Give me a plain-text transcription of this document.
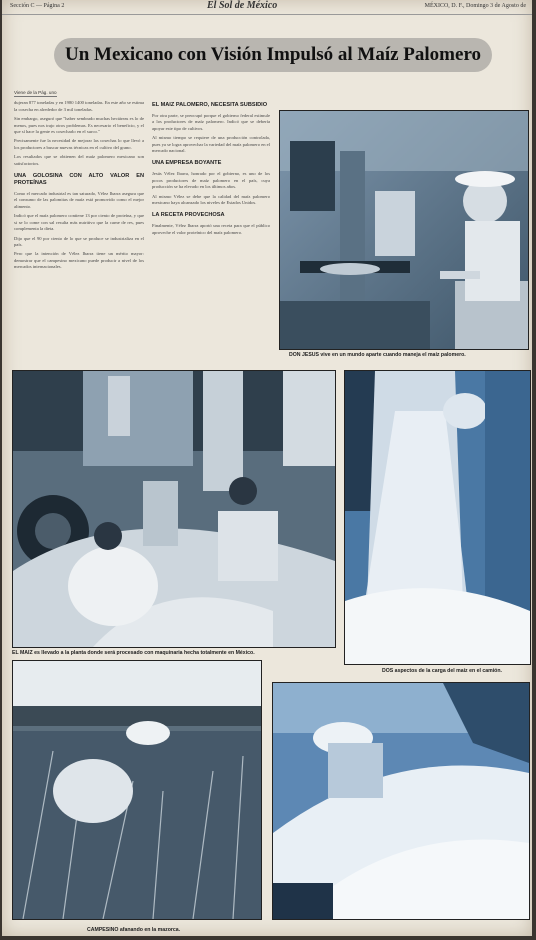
Sección C — Página 2	El Sol de México	MÉXICO, D. F., Domingo 3 de Agosto de
Un Mexicano con Visión Impulsó al Maíz Palomero
Viene de la Pág. uno

dujeran 877 toneladas y en 1980 1400 toneladas. En este año se estima la cosecha en alrededor de 3 mil toneladas.

Sin embargo, aseguró que "haber sembrado muchas hectáreas es lo de menos, pues nos trajo otros problemas. Es necesario el beneficio, y el que sí hace la gente es cosecharlo en el surco."

Precisamente fue la necesidad de mejorar las cosechas lo que llevó a los productores a buscar nuevas técnicas en el cultivo del grano.

Los resultados que se obtienen del maíz palomero mexicano son satisfactorios.

UNA GOLOSINA CON ALTO VALOR EN PROTEÍNAS

Como el mercado industrial es tan saturado, Vélez Ibarra asegura que el consumo de las palomitas de maíz está promovido como el mejor alimento.

Indicó que el maíz palomero contiene 13 por ciento de proteína, y que si se lo come con sal resulta más nutritivo que la carne de res, pues complementa la dieta.

Dijo que el 90 por ciento de lo que se produce se industrializa en el país.

Pero que la intención de Vélez Ibarra tiene un mérito mayor: demostrar que el campesino mexicano puede producir a nivel de los mercados internacionales.

EL MAIZ PALOMERO, NECESITA SUBSIDIO

Por otra parte, se preocupó porque el gobierno federal estimule a los productores de maíz palomero. Indicó que se debería apoyar este tipo de cultivos.

Al mismo tiempo se requiere de una producción controlada, pues ya se logra aprovechar la variedad del maíz palomero en el mercado nacional.

UNA EMPRESA BOYANTE

Jesús Vélez Ibarra, honrado por el gobierno, es uno de los pocos productores de maíz palomero en el país, cuya producción se ha elevado en los últimos años.

Al mismo Vélez se debe que la calidad del maíz palomero mexicano haya alcanzado los niveles de Estados Unidos.

LA RECETA PROVECHOSA

Finalmente, Vélez Ibarra aportó una receta para que el público aproveche el valor proteínico del maíz palomero.

DON JESUS vive en un mundo aparte cuando maneja el maíz palomero.
EL MAIZ es llevado a la planta donde será procesado con maquinaria hecha totalmente en México.
DOS aspectos de la carga del maíz en el camión.
CAMPESINO afanando en la mazorca.
